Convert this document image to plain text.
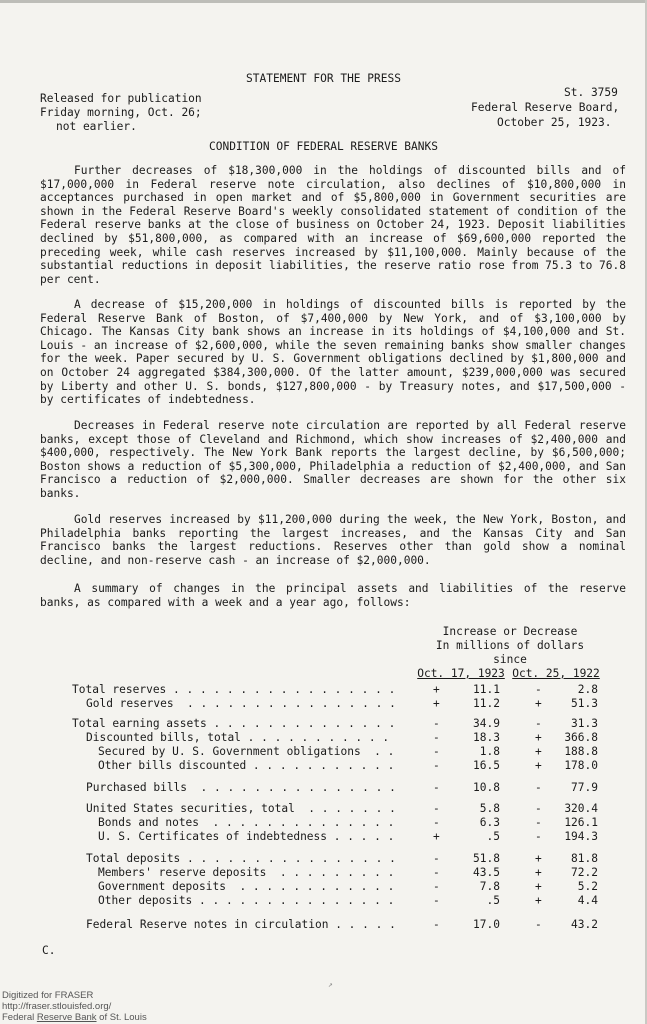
STATEMENT FOR THE PRESS
Released for publication
Friday morning, Oct. 26;
not earlier.
St. 3759
Federal Reserve Board,
October 25, 1923.
CONDITION OF FEDERAL RESERVE BANKS
Further decreases of $18,300,000 in the holdings of discounted bills and of $17,000,000 in Federal reserve note circulation, also declines of $10,800,000 in acceptances purchased in open market and of $5,800,000 in Government securities are shown in the Federal Reserve Board's weekly consolidated statement of condition of the Federal reserve banks at the close of business on October 24, 1923. Deposit liabilities declined by $51,800,000, as compared with an increase of $69,600,000 reported the preceding week, while cash reserves increased by $11,100,000. Mainly because of the substantial reductions in deposit liabilities, the reserve ratio rose from 75.3 to 76.8 per cent.
A decrease of $15,200,000 in holdings of discounted bills is reported by the Federal Reserve Bank of Boston, of $7,400,000 by New York, and of $3,100,000 by Chicago. The Kansas City bank shows an increase in its holdings of $4,100,000 and St. Louis - an increase of $2,600,000, while the seven remaining banks show smaller changes for the week. Paper secured by U. S. Government obligations declined by $1,800,000 and on October 24 aggregated $384,300,000. Of the latter amount, $239,000,000 was secured by Liberty and other U. S. bonds, $127,800,000 - by Treasury notes, and $17,500,000 - by certificates of indebtedness.
Decreases in Federal reserve note circulation are reported by all Federal reserve banks, except those of Cleveland and Richmond, which show increases of $2,400,000 and $400,000, respectively. The New York Bank reports the largest decline, by $6,500,000; Boston shows a reduction of $5,300,000, Philadelphia a reduction of $2,400,000, and San Francisco a reduction of $2,000,000. Smaller decreases are shown for the other six banks.
Gold reserves increased by $11,200,000 during the week, the New York, Boston, and Philadelphia banks reporting the largest increases, and the Kansas City and San Francisco banks the largest reductions. Reserves other than gold show a nominal decline, and non-reserve cash - an increase of $2,000,000.
A summary of changes in the principal assets and liabilities of the reserve banks, as compared with a week and a year ago, follows:
Increase or Decrease
In millions of dollars
since
Oct. 17, 1923 Oct. 25, 1922
Total reserves . . . . . . . . . . . . . . . . .	+	11.1	-	2.8
Gold reserves  . . . . . . . . . . . . . . . .	+	11.2	+	51.3
Total earning assets . . . . . . . . . . . . . .	-	34.9	-	31.3
Discounted bills, total . . . . . . . . . . .	-	18.3	+	366.8
Secured by U. S. Government obligations  . .	-	1.8	+	188.8
Other bills discounted . . . . . . . . . . .	-	16.5	+	178.0
Purchased bills  . . . . . . . . . . . . . . .	-	10.8	-	77.9
United States securities, total  . . . . . . .	-	5.8	-	320.4
Bonds and notes  . . . . . . . . . . . . . .	-	6.3	-	126.1
U. S. Certificates of indebtedness . . . . .	+	.5	-	194.3
Total deposits . . . . . . . . . . . . . . . .	-	51.8	+	81.8
Members' reserve deposits  . . . . . . . . .	-	43.5	+	72.2
Government deposits  . . . . . . . . . . . .	-	7.8	+	5.2
Other deposits . . . . . . . . . . . . . . .	-	.5	+	4.4
Federal Reserve notes in circulation . . . . .	-	17.0	-	43.2
C.
↗
Digitized for FRASER
http://fraser.stlouisfed.org/
Federal Reserve Bank of St. Louis
